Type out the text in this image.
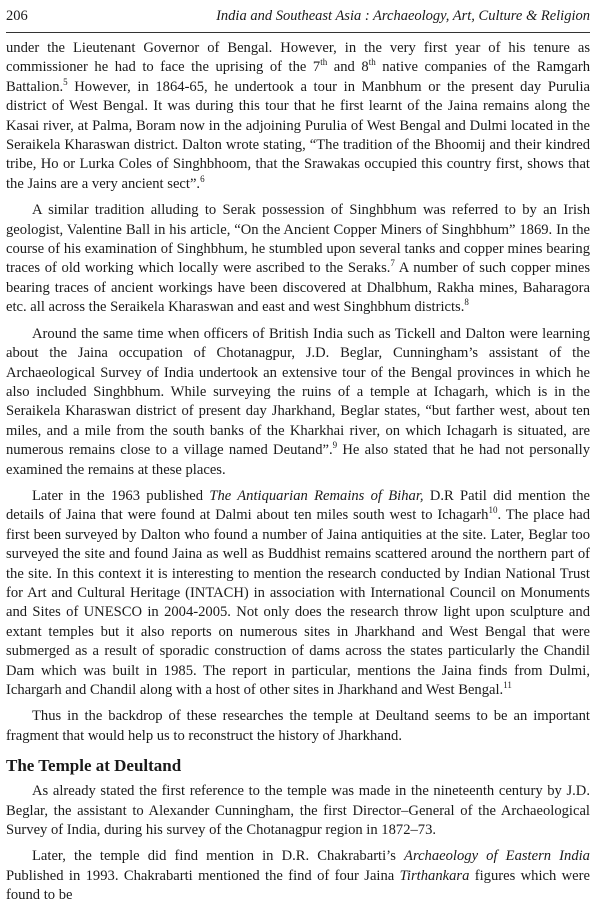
206	India and Southeast Asia : Archaeology, Art, Culture & Religion

under the Lieutenant Governor of Bengal. However, in the very first year of his tenure as commissioner he had to face the uprising of the 7th and 8th native companies of the Ramgarh Battalion.$^5$ However, in 1864-65, he undertook a tour in Manbhum or the present day Purulia district of West Bengal. It was during this tour that he first learnt of the Jaina remains along the Kasai river, at Palma, Boram now in the adjoining Purulia of West Bengal and Dulmi located in the Seraikela Kharaswan district. Dalton wrote stating, “The tradition of the Bhoomij and their kindred tribe, Ho or Lurka Coles of Singhbhoom, that the Srawakas occupied this country first, shows that the Jains are a very ancient sect”.$^6$

A similar tradition alluding to Serak possession of Singhbhum was referred to by an Irish geologist, Valentine Ball in his article, “On the Ancient Copper Miners of Singhbhum” 1869. In the course of his examination of Singhbhum, he stumbled upon several tanks and copper mines bearing traces of old working which locally were ascribed to the Seraks.$^7$ A number of such copper mines bearing traces of ancient workings have been discovered at Dhalbhum, Rakha mines, Baharagora etc. all across the Seraikela Kharaswan and east and west Singhbhum districts.$^8$

Around the same time when officers of British India such as Tickell and Dalton were learning about the Jaina occupation of Chotanagpur, J.D. Beglar, Cunningham’s assistant of the Archaeological Survey of India undertook an extensive tour of the Bengal provinces in which he also included Singhbhum. While surveying the ruins of a temple at Ichagarh, which is in the Seraikela Kharaswan district of present day Jharkhand, Beglar states, “but farther west, about ten miles, and a mile from the south banks of the Kharkhai river, on which Ichagarh is situated, are numerous remains close to a village named Deutand”.$^9$ He also stated that he had not personally examined the remains at these places.

Later in the 1963 published The Antiquarian Remains of Bihar, D.R Patil did mention the details of Jaina that were found at Dalmi about ten miles south west to Ichagarh$^{10}$. The place had first been surveyed by Dalton who found a number of Jaina antiquities at the site. Later, Beglar too surveyed the site and found Jaina as well as Buddhist remains scattered around the northern part of the site. In this context it is interesting to mention the research conducted by Indian National Trust for Art and Cultural Heritage (INTACH) in association with International Council on Monuments and Sites of UNESCO in 2004-2005. Not only does the research throw light upon sculpture and extant temples but it also reports on numerous sites in Jharkhand and West Bengal that were submerged as a result of sporadic construction of dams across the states particularly the Chandil Dam which was built in 1985. The report in particular, mentions the Jaina finds from Dulmi, Ichargarh and Chandil along with a host of other sites in Jharkhand and West Bengal.$^{11}$

Thus in the backdrop of these researches the temple at Deultand seems to be an important fragment that would help us to reconstruct the history of Jharkhand.

The Temple at Deultand

As already stated the first reference to the temple was made in the nineteenth century by J.D. Beglar, the assistant to Alexander Cunningham, the first Director–General of the Archaeological Survey of India, during his survey of the Chotanagpur region in 1872–73.

Later, the temple did find mention in D.R. Chakrabarti’s Archaeology of Eastern India Published in 1993. Chakrabarti mentioned the find of four Jaina Tirthankara figures which were found to be
